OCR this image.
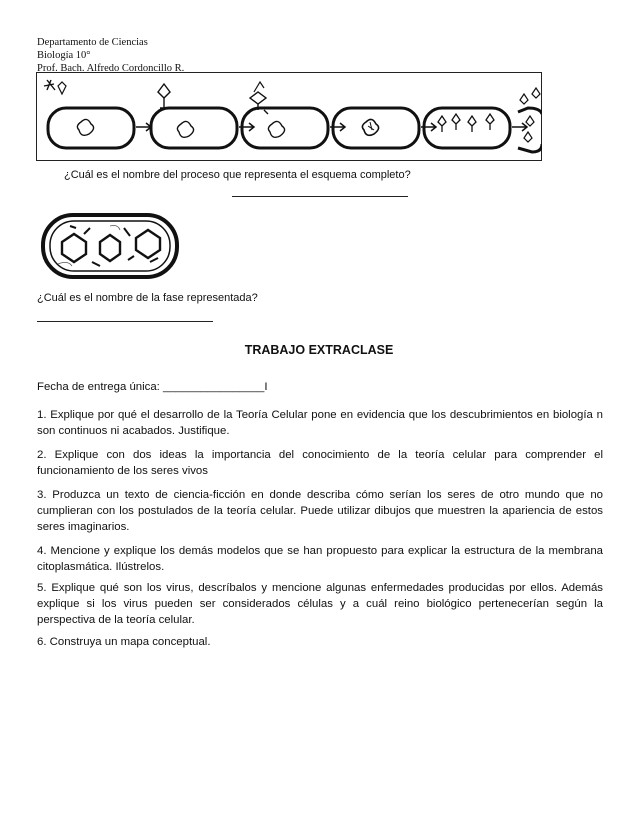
Departamento de Ciencias
Biología 10°
Prof. Bach. Alfredo Cordoncillo R.
¿Cuál es el nombre del proceso que representa el esquema completo?
¿Cuál es el nombre de la fase representada?
TRABAJO EXTRACLASE
Fecha de entrega única: ________________I
1. Explique por qué el desarrollo de la Teoría Celular pone en evidencia que los descubrimientos en biología n son continuos ni acabados. Justifique.
2. Explique con dos ideas la importancia del conocimiento de la teoría celular para comprender el funcionamiento de los seres vivos
3. Produzca un texto de ciencia-ficción en donde describa cómo serían los seres de otro mundo que no cumplieran con los postulados de la teoría celular. Puede utilizar dibujos que muestren la apariencia de estos seres imaginarios.
4. Mencione y explique los demás modelos que se han propuesto para explicar la estructura de la membrana citoplasmática. Ilústrelos.
5. Explique qué son los virus, descríbalos y mencione algunas enfermedades producidas por ellos. Además explique si los virus pueden ser considerados células y a cuál reino biológico pertenecerían según la perspectiva de la teoría celular.
6. Construya un mapa conceptual.
